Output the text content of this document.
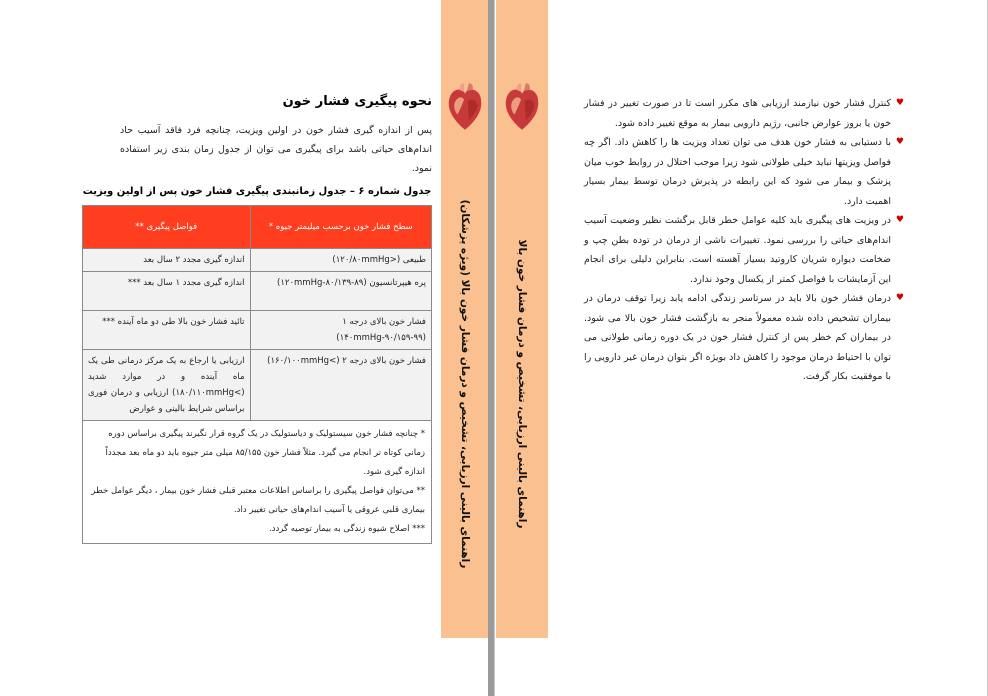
راهنمای بالینی ارزیابی، تشخیص و درمان فشار خون بالا (ویژه پزشکان)
نحوه پیگیری فشار خون
پس از اندازه گیری فشار خون در اولین ویزیت، چنانچه فرد فاقد آسیب حاد اندام‌های حیاتی باشد برای پیگیری می توان از جدول زمان بندی زیر استفاده نمود.
جدول شماره ۶ – جدول زمانبندی پیگیری فشار خون پس از اولین ویزیت
سطح فشار خون برحسب میلیمتر جیوه *	فواصل پیگیری **
طبیعی (<۱۲۰/۸۰mmHg)	اندازه گیری مجدد ۲ سال بعد
پره هیپرتانسیون (۸۹-۸۰/۱۳۹-۱۲۰mmHg)	اندازه گیری مجدد ۱ سال بعد ***
فشار خون بالای درجه ۱ (۹۹-۹۰/۱۵۹-۱۴۰mmHg)	تائید فشار خون بالا طی دو ماه آینده ***
فشار خون بالای درجه ۲ (>۱۶۰/۱۰۰mmHg)	ارزیابی یا ارجاع به یک مرکز درمانی طی یک ماه آینده و در موارد شدید (>۱۸۰/۱۱۰mmHg) ارزیابی و درمان فوری براساس شرایط بالینی و عوارض

* چنانچه فشار خون سیستولیک و دیاستولیک در یک گروه قرار نگیرند پیگیری براساس دوره زمانی کوتاه تر انجام می گیرد. مثلاً فشار خون ۸۵/۱۵۵ میلی متر جیوه باید دو ماه بعد مجدداً اندازه گیری شود.
** می‌توان فواصل پیگیری را براساس اطلاعات معتبر قبلی فشار خون بیمار ، دیگر عوامل خطر بیماری قلبی عروقی یا آسیب اندام‌های حیاتی تغییر داد.
*** اصلاح شیوه زندگی به بیمار توصیه گردد.	
راهنمای بالینی ارزیابی، تشخیص و درمان فشار خون بالا
♥
کنترل فشار خون نیازمند ارزیابی های مکرر است تا در صورت تغییر در فشار خون یا بروز عوارض جانبی، رژیم دارویی بیمار به موقع تغییر داده شود.
♥
با دستیابی به فشار خون هدف می توان تعداد ویزیت ها را کاهش داد. اگر چه فواصل ویزیتها نباید خیلی طولانی شود زیرا موجب اختلال در روابط خوب میان پزشک و بیمار می شود که این رابطه در پذیرش درمان توسط بیمار بسیار اهمیت دارد.
♥
در ویزیت های پیگیری باید کلیه عوامل خطر قابل برگشت نظیر وضعیت آسیب اندام‌های حیاتی را بررسی نمود. تغییرات ناشی از درمان در توده بطن چپ و ضخامت دیواره شریان کاروتید بسیار آهسته است. بنابراین دلیلی برای انجام این آزمایشات با فواصل کمتر از یکسال وجود ندارد.
♥
درمان فشار خون بالا باید در سرتاسر زندگی ادامه یابد زیرا توقف درمان در بیماران تشخیص داده شده معمولاً منجر به بازگشت فشار خون بالا می شود. در بیماران کم خطر پس از کنترل فشار خون در یک دوره زمانی طولانی می توان با احتیاط درمان موجود را کاهش داد بویژه اگر بتوان درمان غیر دارویی را با موفقیت بکار گرفت.
